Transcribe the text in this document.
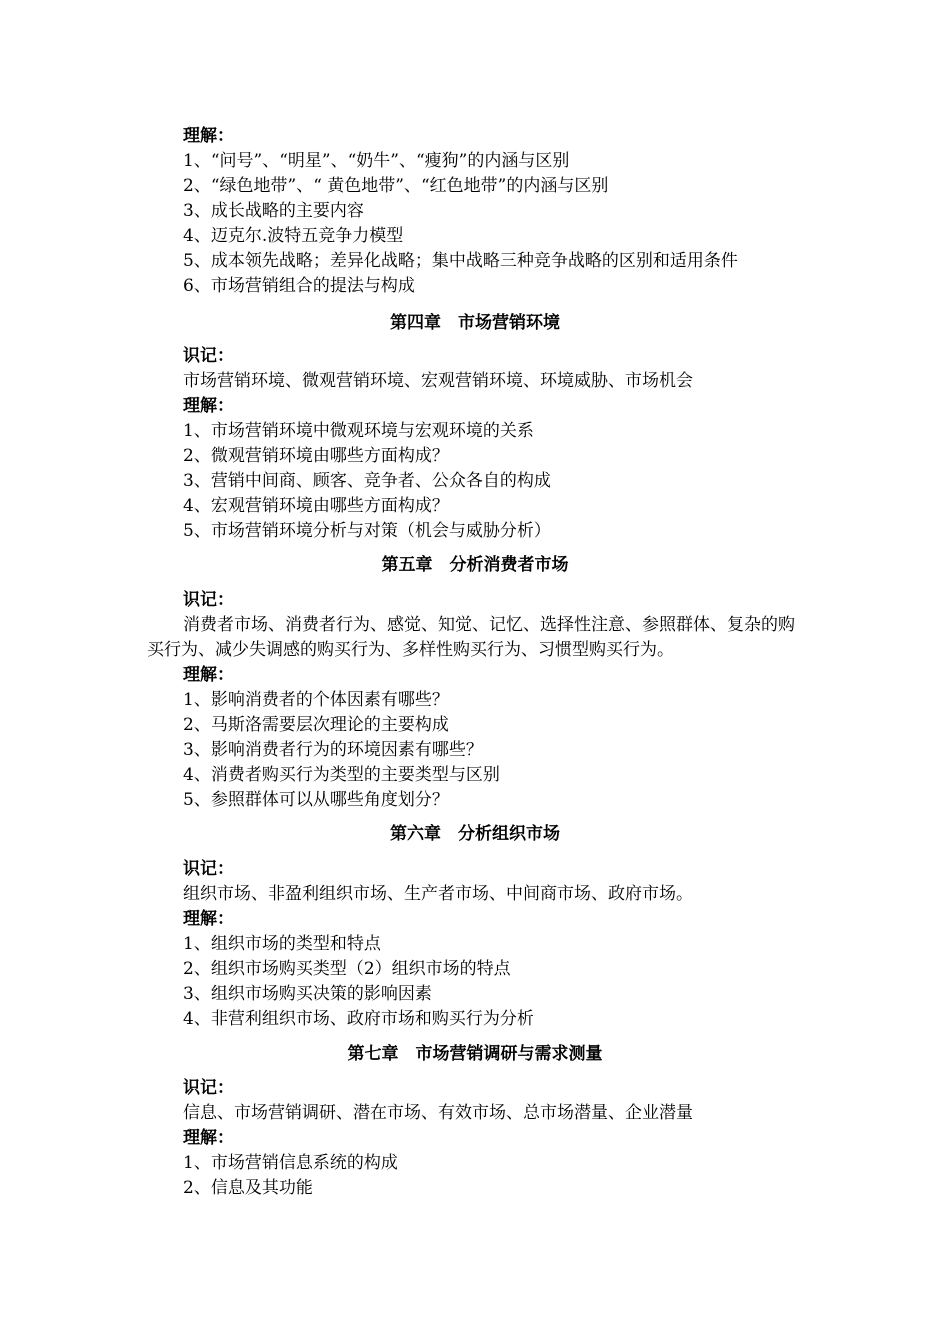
理解：
1、“问号”、“明星”、“奶牛”、“瘦狗”的内涵与区别
2、“绿色地带”、“ 黄色地带”、“红色地带”的内涵与区别
3、成长战略的主要内容
4、迈克尔.波特五竞争力模型
5、成本领先战略；差异化战略；集中战略三种竞争战略的区别和适用条件
6、市场营销组合的提法与构成
第四章　市场营销环境
识记：
市场营销环境、微观营销环境、宏观营销环境、环境威胁、市场机会
理解：
1、市场营销环境中微观环境与宏观环境的关系
2、微观营销环境由哪些方面构成？
3、营销中间商、顾客、竞争者、公众各自的构成
4、宏观营销环境由哪些方面构成？
5、市场营销环境分析与对策（机会与威胁分析）
第五章　分析消费者市场
识记：
消费者市场、消费者行为、感觉、知觉、记忆、选择性注意、参照群体、复杂的购买行为、减少失调感的购买行为、多样性购买行为、习惯型购买行为。
理解：
1、影响消费者的个体因素有哪些？
2、马斯洛需要层次理论的主要构成
3、影响消费者行为的环境因素有哪些？
4、消费者购买行为类型的主要类型与区别
5、参照群体可以从哪些角度划分？
第六章　分析组织市场
识记：
组织市场、非盈利组织市场、生产者市场、中间商市场、政府市场。
理解：
1、组织市场的类型和特点
2、组织市场购买类型（2）组织市场的特点
3、组织市场购买决策的影响因素
4、非营利组织市场、政府市场和购买行为分析
第七章　市场营销调研与需求测量
识记：
信息、市场营销调研、潜在市场、有效市场、总市场潜量、企业潜量
理解：
1、市场营销信息系统的构成
2、信息及其功能
